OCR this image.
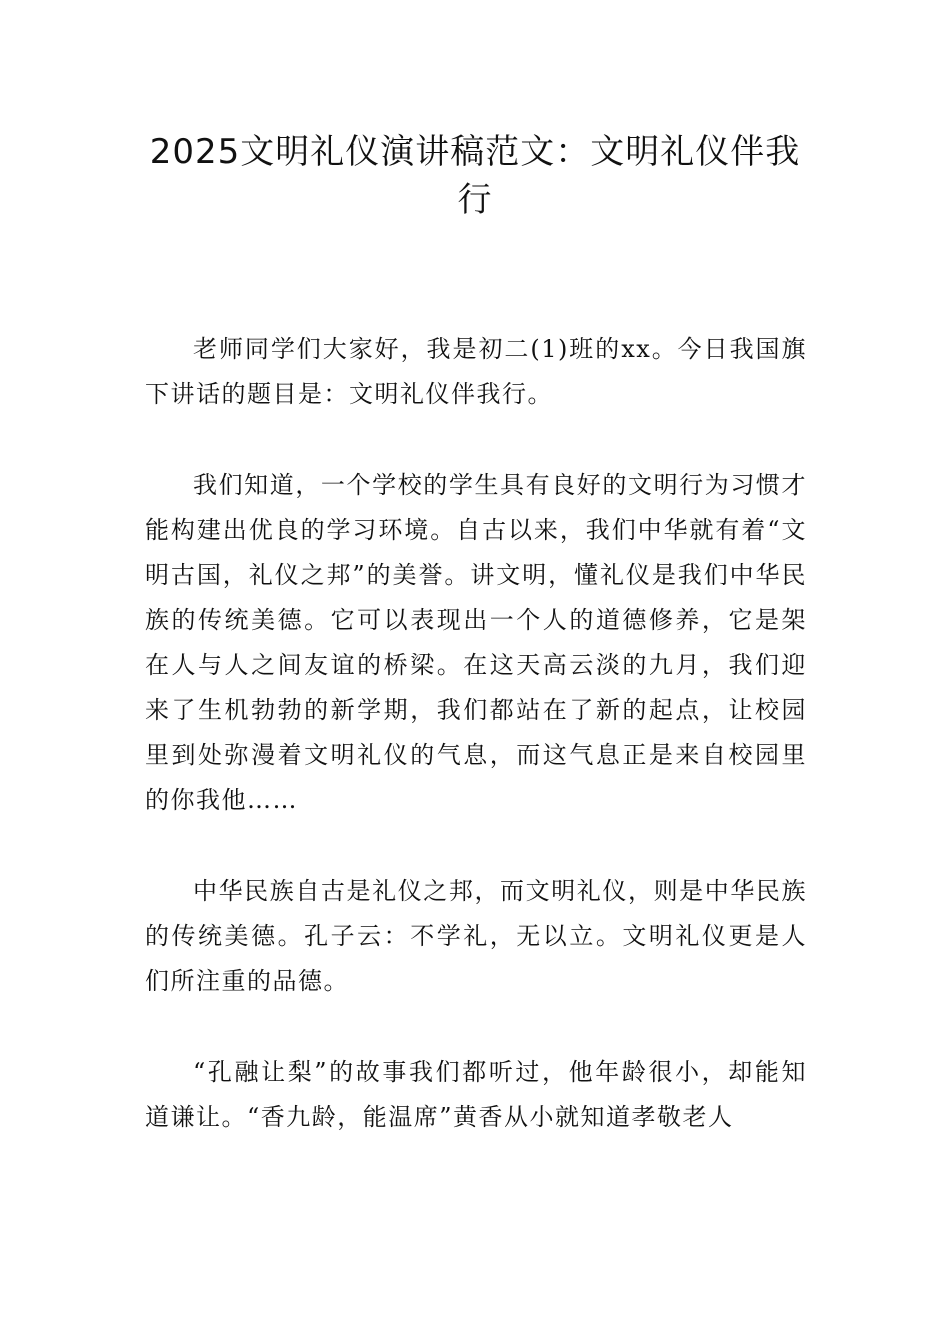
2025文明礼仪演讲稿范文：文明礼仪伴我行

老师同学们大家好，我是初二(1)班的xx。今日我国旗下讲话的题目是：文明礼仪伴我行。

我们知道，一个学校的学生具有良好的文明行为习惯才能构建出优良的学习环境。自古以来，我们中华就有着“文明古国，礼仪之邦”的美誉。讲文明，懂礼仪是我们中华民族的传统美德。它可以表现出一个人的道德修养，它是架在人与人之间友谊的桥梁。在这天高云淡的九月，我们迎来了生机勃勃的新学期，我们都站在了新的起点，让校园里到处弥漫着文明礼仪的气息，而这气息正是来自校园里的你我他……

中华民族自古是礼仪之邦，而文明礼仪，则是中华民族的传统美德。孔子云：不学礼，无以立。文明礼仪更是人们所注重的品德。

“孔融让梨”的故事我们都听过，他年龄很小，却能知道谦让。“香九龄，能温席”黄香从小就知道孝敬老人
